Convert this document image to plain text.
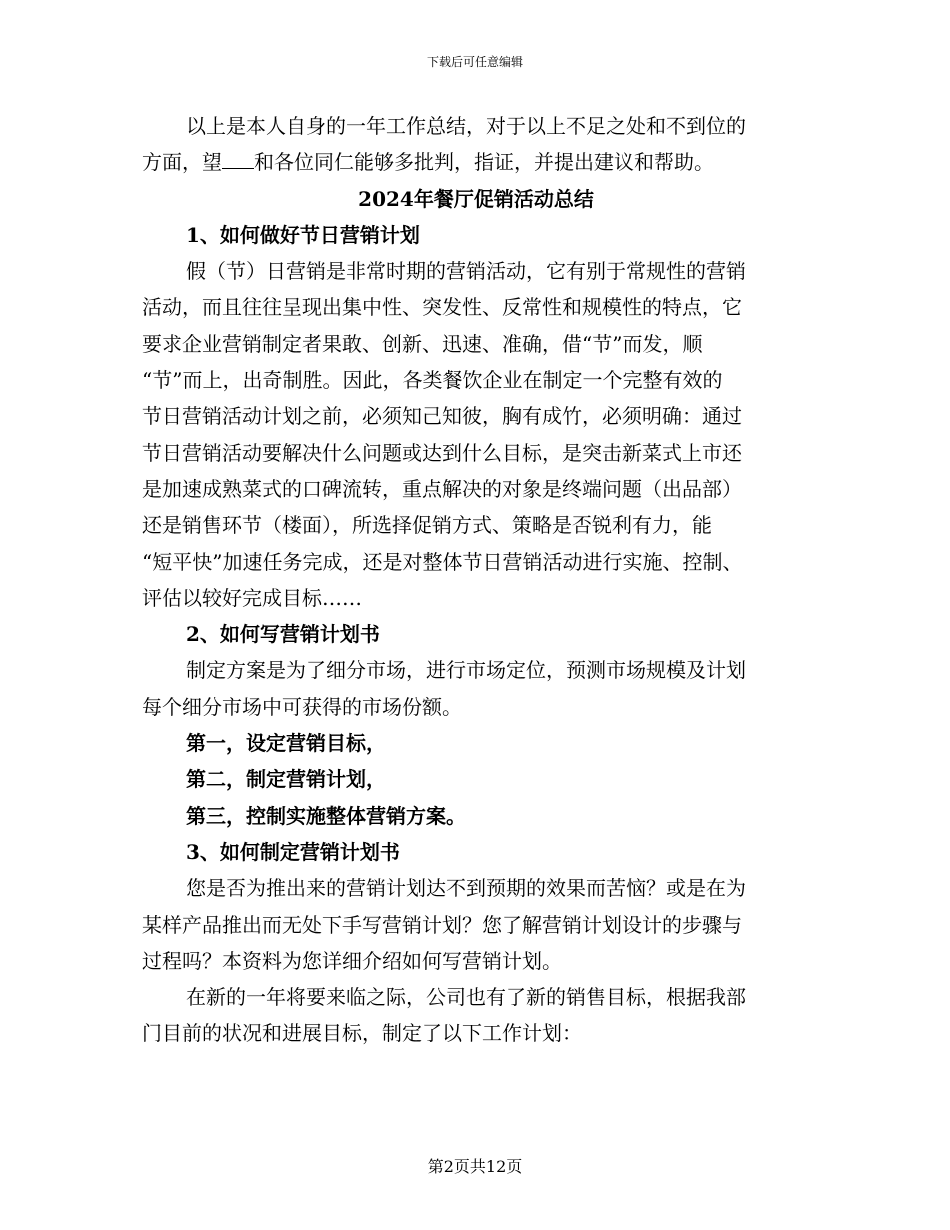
下载后可任意编辑
以上是本人自身的一年工作总结，对于以上不足之处和不到位的
方面，望 和各位同仁能够多批判，指证，并提出建议和帮助。
2024年餐厅促销活动总结
1、如何做好节日营销计划
假（节）日营销是非常时期的营销活动，它有别于常规性的营销
活动，而且往往呈现出集中性、突发性、反常性和规模性的特点，它
要求企业营销制定者果敢、创新、迅速、准确，借“节”而发，顺
“节”而上，出奇制胜。因此，各类餐饮企业在制定一个完整有效的
节日营销活动计划之前，必须知己知彼，胸有成竹，必须明确：通过
节日营销活动要解决什么问题或达到什么目标，是突击新菜式上市还
是加速成熟菜式的口碑流转，重点解决的对象是终端问题（出品部）
还是销售环节（楼面），所选择促销方式、策略是否锐利有力，能
“短平快”加速任务完成，还是对整体节日营销活动进行实施、控制、
评估以较好完成目标……
2、如何写营销计划书
制定方案是为了细分市场，进行市场定位，预测市场规模及计划
每个细分市场中可获得的市场份额。
第一，设定营销目标，
第二，制定营销计划，
第三，控制实施整体营销方案。
3、如何制定营销计划书
您是否为推出来的营销计划达不到预期的效果而苦恼？或是在为
某样产品推出而无处下手写营销计划？您了解营销计划设计的步骤与
过程吗？本资料为您详细介绍如何写营销计划。
在新的一年将要来临之际，公司也有了新的销售目标，根据我部
门目前的状况和进展目标，制定了以下工作计划：
第2页共12页
